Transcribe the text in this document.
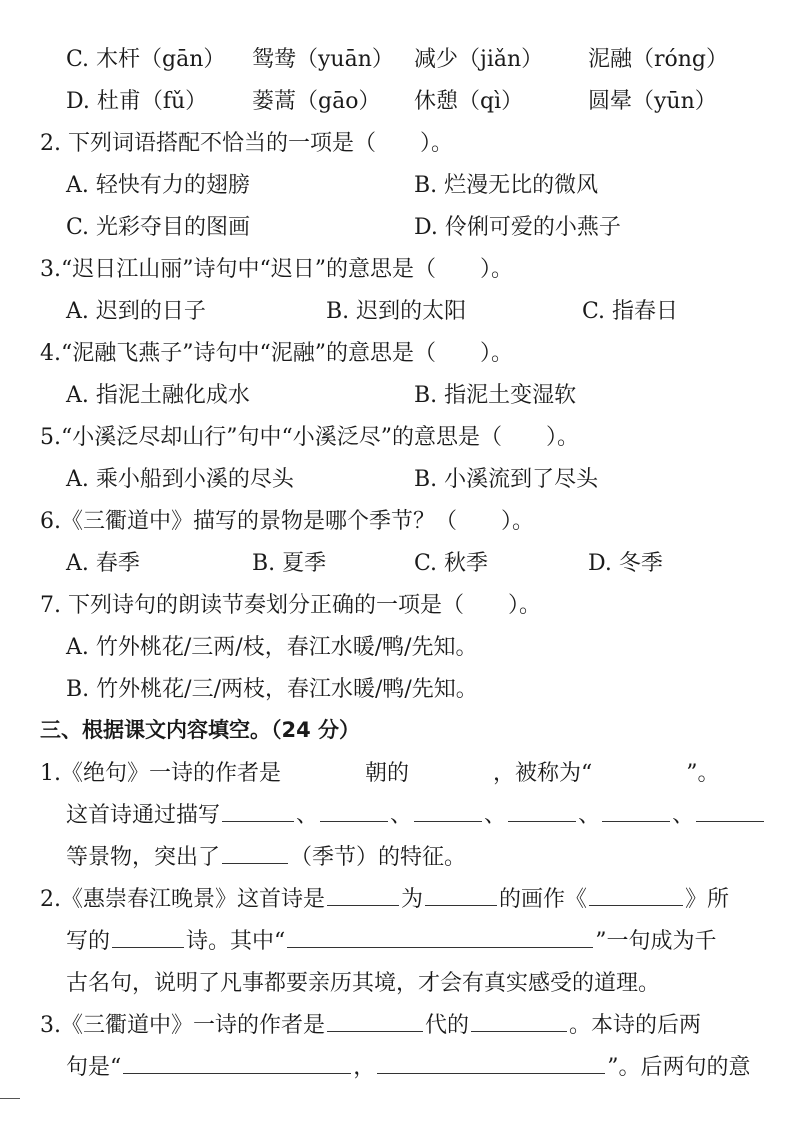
C. 木杆（gān） 鸳鸯（yuān） 减少（jiǎn） 泥融（róng）
D. 杜甫（fǔ） 蒌蒿（gāo） 休憩（qì）	圆晕（yūn）
2. 下列词语搭配不恰当的一项是（　　）。
A. 轻快有力的翅膀	B. 烂漫无比的微风
C. 光彩夺目的图画	D. 伶俐可爱的小燕子
3.“迟日江山丽”诗句中“迟日”的意思是（　　）。
A. 迟到的日子	B. 迟到的太阳	C. 指春日
4.“泥融飞燕子”诗句中“泥融”的意思是（　　）。
A. 指泥土融化成水	B. 指泥土变湿软
5.“小溪泛尽却山行”句中“小溪泛尽”的意思是（　　）。
A. 乘小船到小溪的尽头	B. 小溪流到了尽头
6.《三衢道中》描写的景物是哪个季节？（　　）。
A. 春季	B. 夏季	C. 秋季	D. 冬季
7. 下列诗句的朗读节奏划分正确的一项是（　　）。
A. 竹外桃花/三两/枝，春江水暖/鸭/先知。
B. 竹外桃花/三/两枝，春江水暖/鸭/先知。
三、根据课文内容填空。（24 分）
1.《绝句》一诗的作者是	朝的	，被称为“	”。
这首诗通过描写	、	、	、	、	、
等景物，突出了	（季节）的特征。
2.《惠崇春江晚景》这首诗是	为	的画作《	》所
写的	诗。其中“	”一句成为千
古名句，说明了凡事都要亲历其境，才会有真实感受的道理。
3.《三衢道中》一诗的作者是	代的	。本诗的后两
句是“	，	”。后两句的意
